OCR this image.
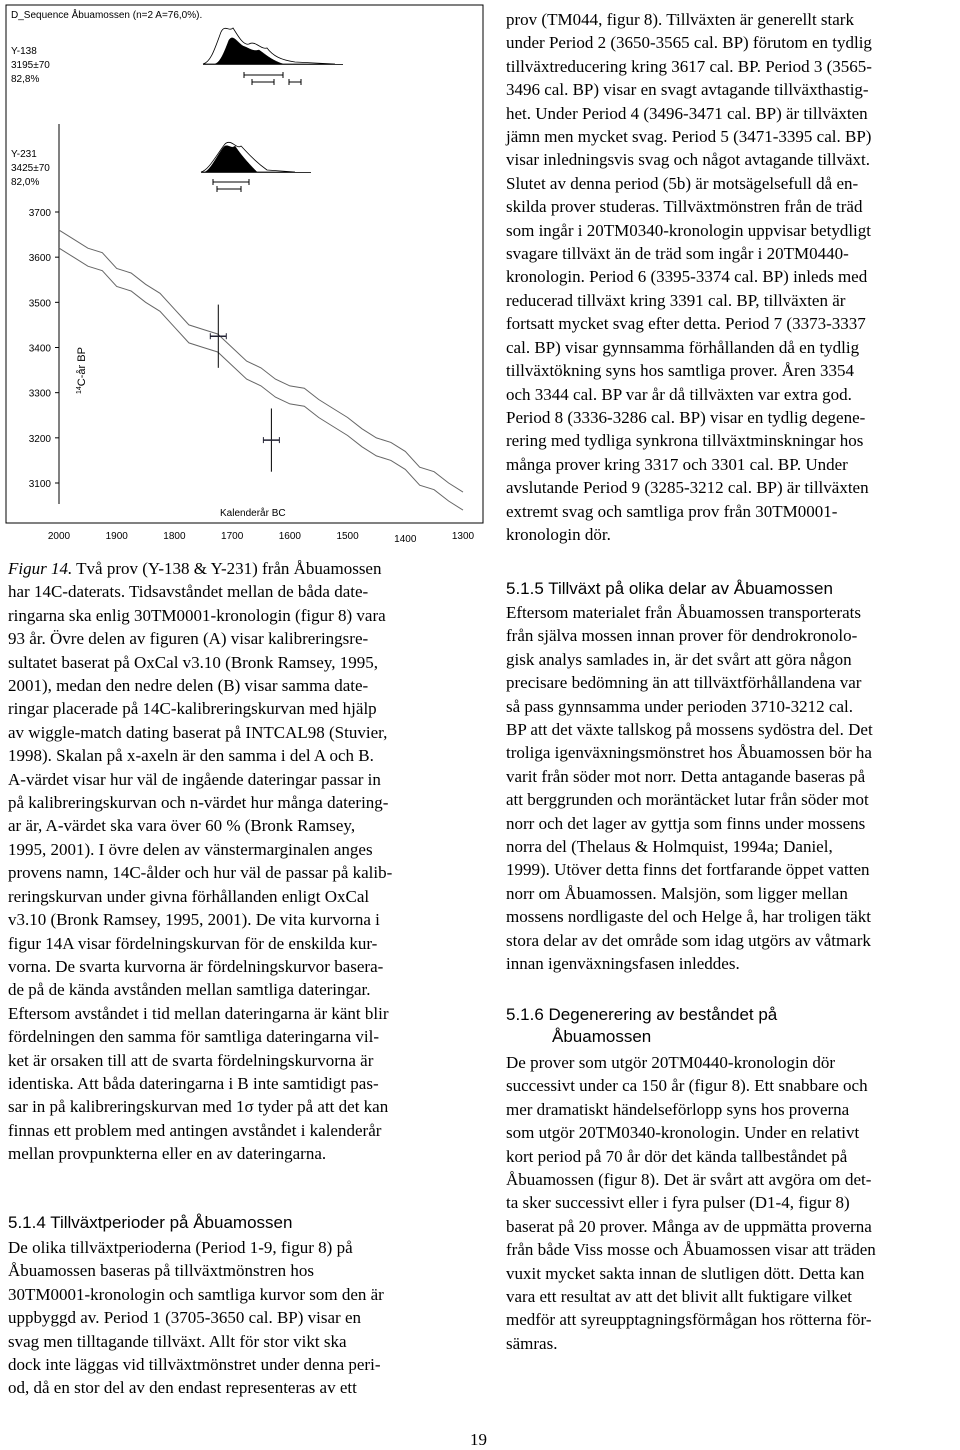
D_Sequence Åbuamossen (n=2 A=76,0%).
Y-138
3195±70
82,8%
Y-231
3425±70
82,0%
3700
3600
3500
3400
3300
3200
3100
$^{14}$C-år BP
Kalenderår BC
2000	1900	1800	1700	1600	1500	1400	1300

Figur 14. Två prov (Y-138 & Y-231) från Åbuamossen
har 14C-daterats. Tidsavståndet mellan de båda date-
ringarna ska enlig 30TM0001-kronologin (figur 8) vara
93 år. Övre delen av figuren (A) visar kalibreringsre-
sultatet baserat på OxCal v3.10 (Bronk Ramsey, 1995,
2001), medan den nedre delen (B) visar samma date-
ringar placerade på 14C-kalibreringskurvan med hjälp
av wiggle-match dating baserat på INTCAL98 (Stuvier,
1998). Skalan på x-axeln är den samma i del A och B.
A-värdet visar hur väl de ingående dateringar passar in
på kalibreringskurvan och n-värdet hur många datering-
ar är, A-värdet ska vara över 60 % (Bronk Ramsey,
1995, 2001). I övre delen av vänstermarginalen anges
provens namn, 14C-ålder och hur väl de passar på kalib-
reringskurvan under givna förhållanden enligt OxCal
v3.10 (Bronk Ramsey, 1995, 2001). De vita kurvorna i
figur 14A visar fördelningskurvan för de enskilda kur-
vorna. De svarta kurvorna är fördelningskurvor basera-
de på de kända avstånden mellan samtliga dateringar.
Eftersom avståndet i tid mellan dateringarna är känt blir
fördelningen den samma för samtliga dateringarna vil-
ket är orsaken till att de svarta fördelningskurvorna är
identiska. Att båda dateringarna i B inte samtidigt pas-
sar in på kalibreringskurvan med 1σ tyder på att det kan
finnas ett problem med antingen avståndet i kalenderår
mellan provpunkterna eller en av dateringarna.

5.1.4 Tillväxtperioder på Åbuamossen

De olika tillväxtperioderna (Period 1-9, figur 8) på
Åbuamossen baseras på tillväxtmönstren hos
30TM0001-kronologin och samtliga kurvor som den är
uppbyggd av. Period 1 (3705-3650 cal. BP) visar en
svag men tilltagande tillväxt. Allt för stor vikt ska
dock inte läggas vid tillväxtmönstret under denna peri-
od, då en stor del av den endast representeras av ett

prov (TM044, figur 8). Tillväxten är generellt stark
under Period 2 (3650-3565 cal. BP) förutom en tydlig
tillväxtreducering kring 3617 cal. BP. Period 3 (3565-
3496 cal. BP) visar en svagt avtagande tillväxthastig-
het. Under Period 4 (3496-3471 cal. BP) är tillväxten
jämn men mycket svag. Period 5 (3471-3395 cal. BP)
visar inledningsvis svag och något avtagande tillväxt.
Slutet av denna period (5b) är motsägelsefull då en-
skilda prover studeras. Tillväxtmönstren från de träd
som ingår i 20TM0340-kronologin uppvisar betydligt
svagare tillväxt än de träd som ingår i 20TM0440-
kronologin. Period 6 (3395-3374 cal. BP) inleds med
reducerad tillväxt kring 3391 cal. BP, tillväxten är
fortsatt mycket svag efter detta. Period 7 (3373-3337
cal. BP) visar gynnsamma förhållanden då en tydlig
tillväxtökning syns hos samtliga prover. Åren 3354
och 3344 cal. BP var år då tillväxten var extra god.
Period 8 (3336-3286 cal. BP) visar en tydlig degene-
rering med tydliga synkrona tillväxtminskningar hos
många prover kring 3317 och 3301 cal. BP. Under
avslutande Period 9 (3285-3212 cal. BP) är tillväxten
extremt svag och samtliga prov från 30TM0001-
kronologin dör.

5.1.5 Tillväxt på olika delar av Åbuamossen

Eftersom materialet från Åbuamossen transporterats
från själva mossen innan prover för dendrokronolo-
gisk analys samlades in, är det svårt att göra någon
precisare bedömning än att tillväxtförhållandena var
så pass gynnsamma under perioden 3710-3212 cal.
BP att det växte tallskog på mossens sydöstra del. Det
troliga igenväxningsmönstret hos Åbuamossen bör ha
varit från söder mot norr. Detta antagande baseras på
att berggrunden och moräntäcket lutar från söder mot
norr och det lager av gyttja som finns under mossens
norra del (Thelaus & Holmquist, 1994a; Daniel,
1999). Utöver detta finns det fortfarande öppet vatten
norr om Åbuamossen. Malsjön, som ligger mellan
mossens nordligaste del och Helge å, har troligen täkt
stora delar av det område som idag utgörs av våtmark
innan igenväxningsfasen inleddes.

5.1.6 Degenerering av beståndet på
Åbuamossen

De prover som utgör 20TM0440-kronologin dör
successivt under ca 150 år (figur 8). Ett snabbare och
mer dramatiskt händelseförlopp syns hos proverna
som utgör 20TM0340-kronologin. Under en relativt
kort period på 70 år dör det kända tallbeståndet på
Åbuamossen (figur 8). Det är svårt att avgöra om det-
ta sker successivt eller i fyra pulser (D1-4, figur 8)
baserat på 20 prover. Många av de uppmätta proverna
från både Viss mosse och Åbuamossen visar att träden
vuxit mycket sakta innan de slutligen dött. Detta kan
vara ett resultat av att det blivit allt fuktigare vilket
medför att syreupptagningsförmågan hos rötterna för-
sämras.

19
